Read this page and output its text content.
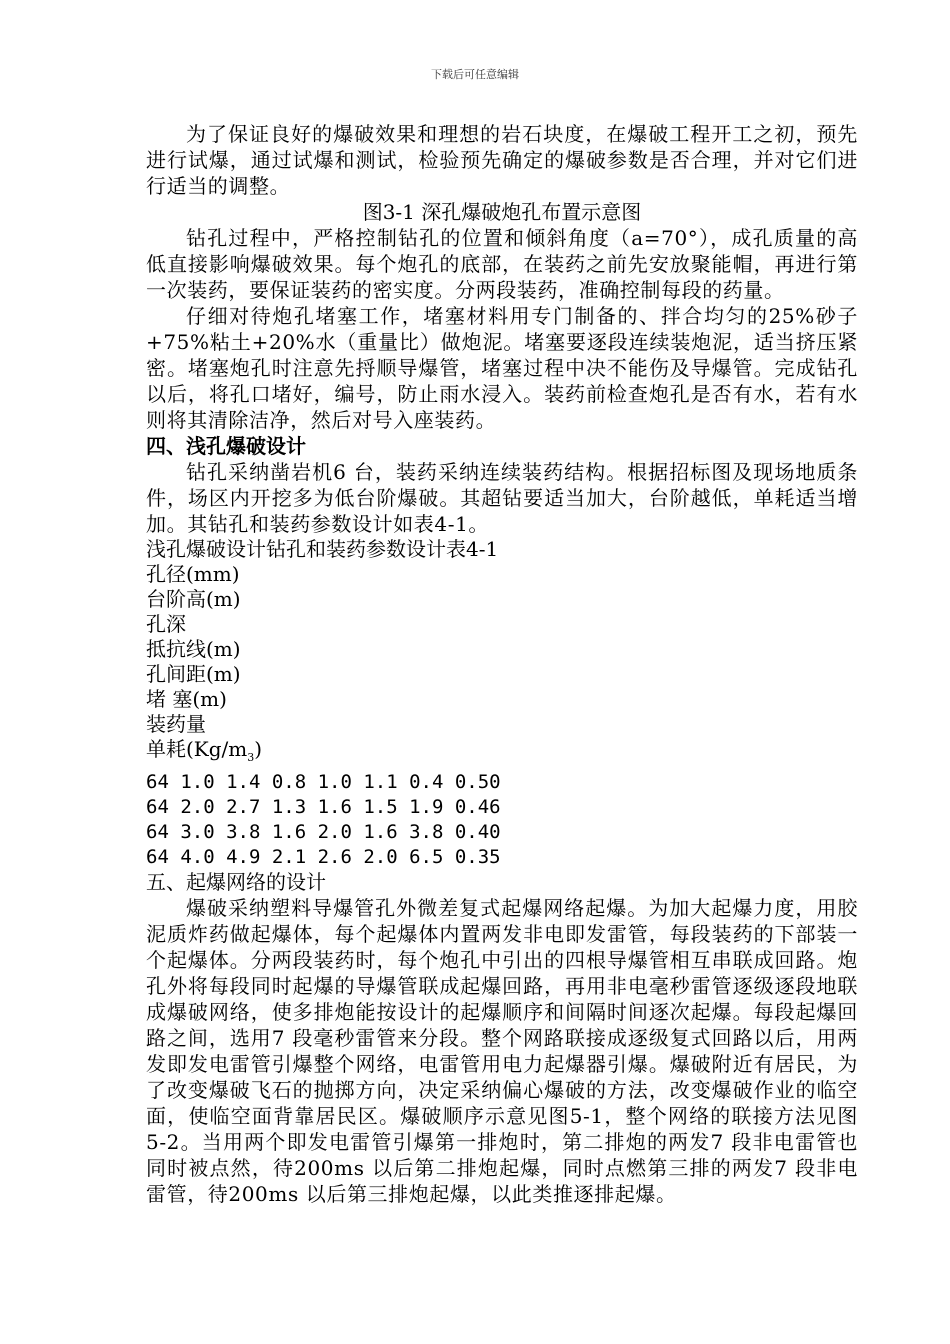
下载后可任意编辑

为了保证良好的爆破效果和理想的岩石块度，在爆破工程开工之初，预先进行试爆，通过试爆和测试，检验预先确定的爆破参数是否合理，并对它们进行适当的调整。

图3-1 深孔爆破炮孔布置示意图

钻孔过程中，严格控制钻孔的位置和倾斜角度（a=70°），成孔质量的高低直接影响爆破效果。每个炮孔的底部，在装药之前先安放聚能帽，再进行第一次装药，要保证装药的密实度。分两段装药，准确控制每段的药量。

仔细对待炮孔堵塞工作，堵塞材料用专门制备的、拌合均匀的25%砂子+75%粘土+20%水（重量比）做炮泥。堵塞要逐段连续装炮泥，适当挤压紧密。堵塞炮孔时注意先捋顺导爆管，堵塞过程中决不能伤及导爆管。完成钻孔以后，将孔口堵好，编号，防止雨水浸入。装药前检查炮孔是否有水，若有水则将其清除洁净，然后对号入座装药。

四、浅孔爆破设计

钻孔采纳凿岩机6 台，装药采纳连续装药结构。根据招标图及现场地质条件，场区内开挖多为低台阶爆破。其超钻要适当加大，台阶越低，单耗适当增加。其钻孔和装药参数设计如表4-1。

浅孔爆破设计钻孔和装药参数设计表4-1

孔径(mm)

台阶高(m)

孔深

抵抗线(m)

孔间距(m)

堵 塞(m)

装药量

单耗$(Kg/m_3)$

64 1.0 1.4 0.8 1.0 1.1 0.4 0.50

64 2.0 2.7 1.3 1.6 1.5 1.9 0.46

64 3.0 3.8 1.6 2.0 1.6 3.8 0.40

64 4.0 4.9 2.1 2.6 2.0 6.5 0.35

五、起爆网络的设计

爆破采纳塑料导爆管孔外微差复式起爆网络起爆。为加大起爆力度，用胶泥质炸药做起爆体，每个起爆体内置两发非电即发雷管，每段装药的下部装一个起爆体。分两段装药时，每个炮孔中引出的四根导爆管相互串联成回路。炮孔外将每段同时起爆的导爆管联成起爆回路，再用非电毫秒雷管逐级逐段地联成爆破网络，使多排炮能按设计的起爆顺序和间隔时间逐次起爆。每段起爆回路之间，选用7 段毫秒雷管来分段。整个网路联接成逐级复式回路以后，用两发即发电雷管引爆整个网络，电雷管用电力起爆器引爆。爆破附近有居民，为了改变爆破飞石的抛掷方向，决定采纳偏心爆破的方法，改变爆破作业的临空面，使临空面背靠居民区。爆破顺序示意见图5-1，整个网络的联接方法见图5-2。当用两个即发电雷管引爆第一排炮时，第二排炮的两发7 段非电雷管也同时被点然，待200ms 以后第二排炮起爆，同时点燃第三排的两发7 段非电雷管，待200ms 以后第三排炮起爆，以此类推逐排起爆。
